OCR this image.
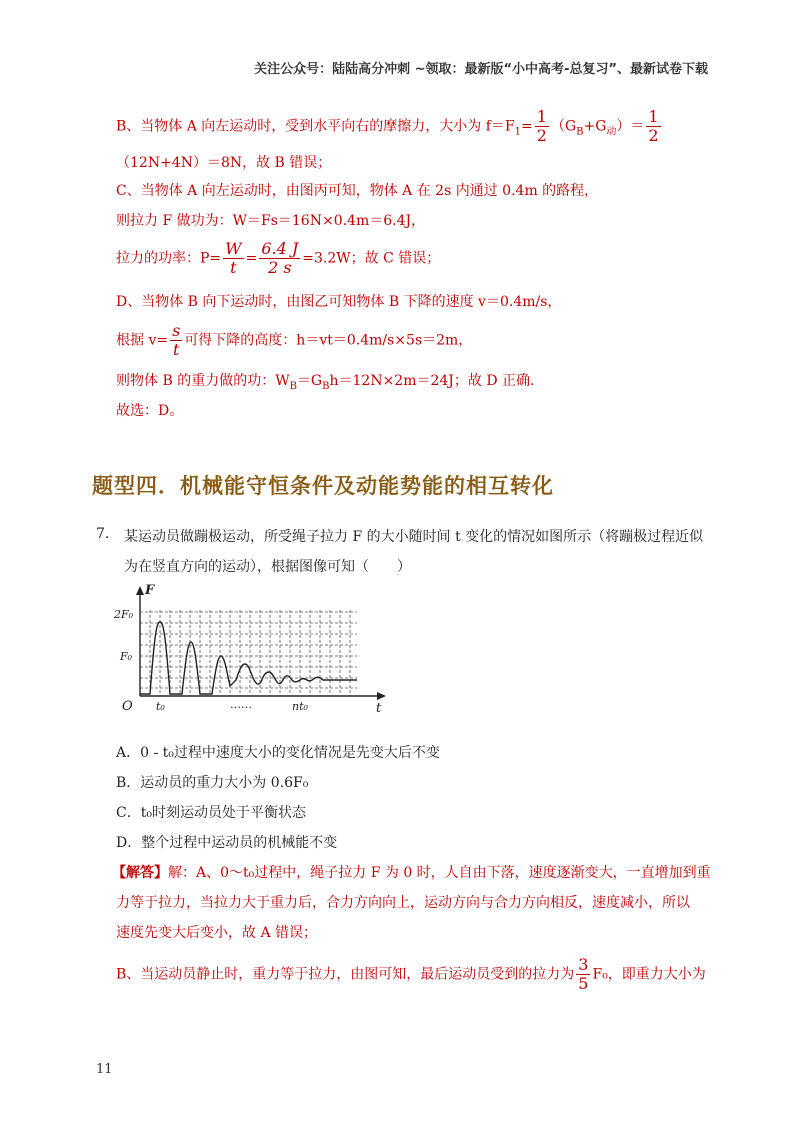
关注公众号：陆陆高分冲刺 ~领取：最新版“小中高考-总复习”、最新试卷下载
B、当物体 A 向左运动时，受到水平向右的摩擦力，大小为 $f=F_1= \frac{1}{2} (G_B+G_动)= \frac{1}{2}$
（12N+4N）＝8N，故 B 错误；
C、当物体 A 向左运动时，由图丙可知，物体 A 在 2s 内通过 0.4m 的路程，
则拉力 F 做功为：W＝Fs＝16N×0.4m＝6.4J，
拉力的功率：$P= \frac{W}{t} = \frac{6.4 J}{2 s} =3.2W$；故 C 错误；
D、当物体 B 向下运动时，由图乙可知物体 B 下降的速度 v＝0.4m/s，
根据 $v= \frac{s}{t}$ 可得下降的高度：h＝vt＝0.4m/s×5s＝2m，
则物体 B 的重力做的功：$W_B=G_Bh=12N\times 2m=24J$；故 D 正确.
故选：D。
题型四．机械能守恒条件及动能势能的相互转化
7. 某运动员做蹦极运动，所受绳子拉力 F 的大小随时间 t 变化的情况如图所示（将蹦极过程近似
为在竖直方向的运动），根据图像可知（　　）
F
t
O
2F₀
F₀
t₀	……	nt₀
A．0 - t₀过程中速度大小的变化情况是先变大后不变
B．运动员的重力大小为 0.6F₀
C．t₀时刻运动员处于平衡状态
D．整个过程中运动员的机械能不变
【解答】解：A、0～t₀过程中，绳子拉力 F 为 0 时，人自由下落，速度逐渐变大，一直增加到重
力等于拉力，当拉力大于重力后，合力方向向上，运动方向与合力方向相反，速度减小，所以
速度先变大后变小，故 A 错误；
B、当运动员静止时，重力等于拉力，由图可知，最后运动员受到的拉力为 $\frac{3}{5} F_0$，即重力大小为
11
